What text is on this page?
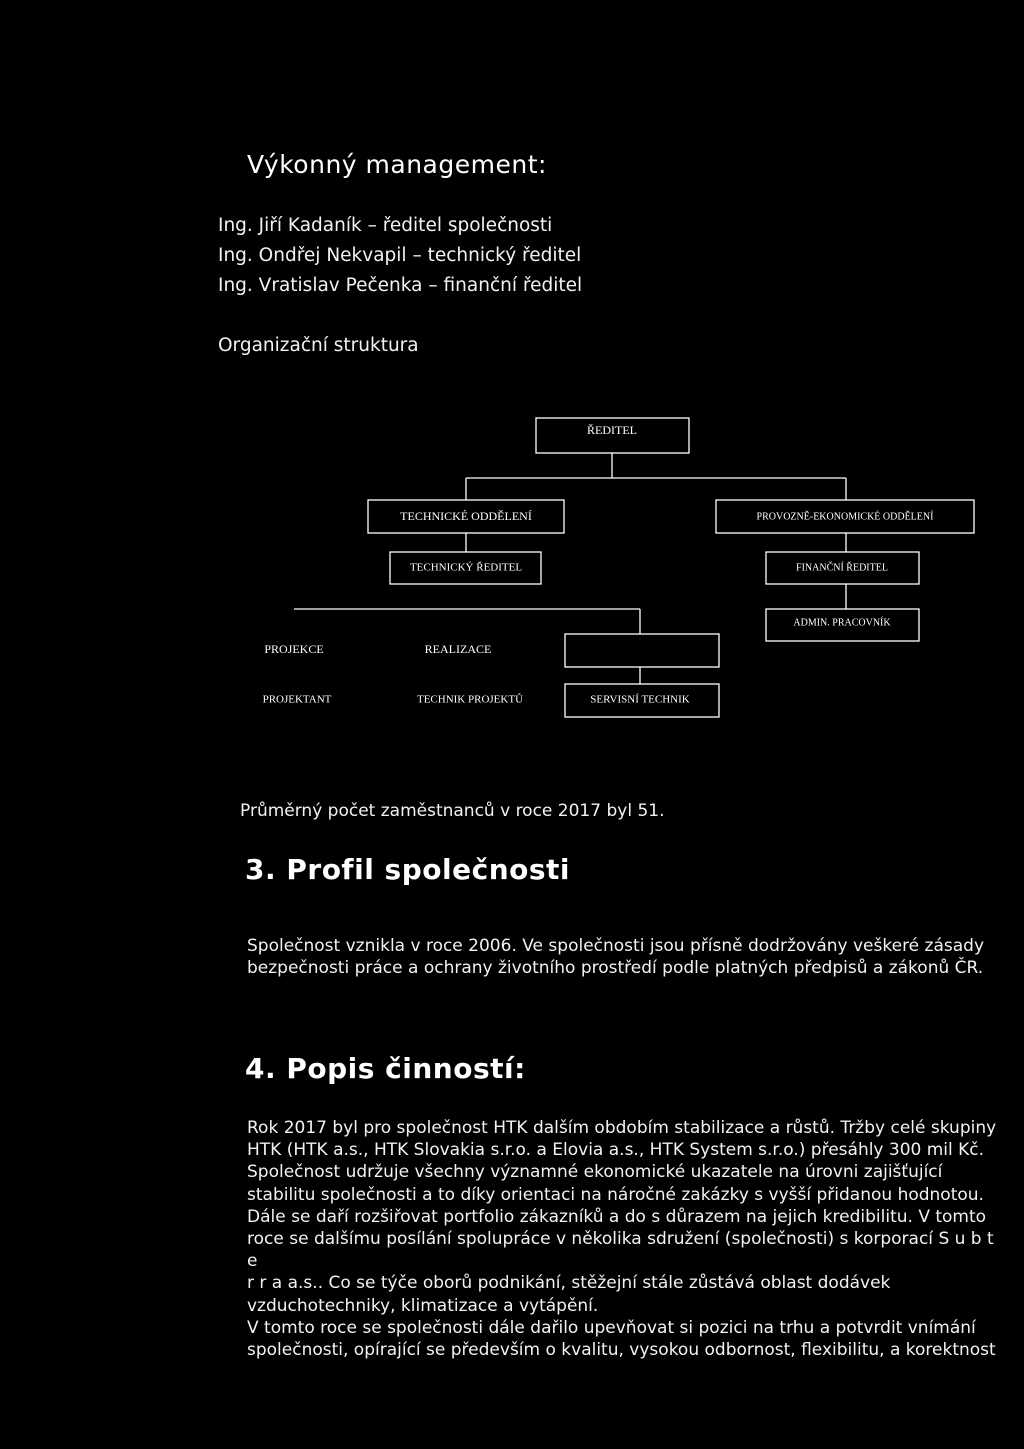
Výkonný management:
Ing. Jiří Kadaník – ředitel společnosti
Ing. Ondřej Nekvapil – technický ředitel
Ing. Vratislav Pečenka – finanční ředitel
Organizační struktura
ŘEDITEL
TECHNICKÉ ODDĚLENÍ	PROVOZNĚ-EKONOMICKÉ ODDĚLENÍ
TECHNICKÝ ŘEDITEL	FINANČNÍ ŘEDITEL
ADMIN. PRACOVNÍK
PROJEKCE	REALIZACE
PROJEKTANT	TECHNIK PROJEKTŮ	SERVISNÍ TECHNIK
Průměrný počet zaměstnanců v roce 2017 byl 51.
3. Profil společnosti

Společnost vznikla v roce 2006. Ve společnosti jsou přísně dodržovány veškeré zásady

bezpečnosti práce a ochrany životního prostředí podle platných předpisů a zákonů ČR.

4. Popis činností:

Rok 2017 byl pro společnost HTK dalším obdobím stabilizace a růstů. Tržby celé skupiny

HTK (HTK a.s., HTK Slovakia s.r.o. a Elovia a.s., HTK System s.r.o.) přesáhly 300 mil Kč.

Společnost udržuje všechny významné ekonomické ukazatele na úrovni zajišťující

stabilitu společnosti a to díky orientaci na náročné zakázky s vyšší přidanou hodnotou.

Dále se daří rozšiřovat portfolio zákazníků a do s důrazem na jejich kredibilitu. V tomto

roce se dalšímu posílání spolupráce v několika sdružení (společnosti) s korporací S u b t e

r r a a.s.. Co se týče oborů podnikání, stěžejní stále zůstává oblast dodávek

vzduchotechniky, klimatizace a vytápění.

V tomto roce se společnosti dále dařilo upevňovat si pozici na trhu a potvrdit vnímání

společnosti, opírající se především o kvalitu, vysokou odbornost, flexibilitu, a korektnost
